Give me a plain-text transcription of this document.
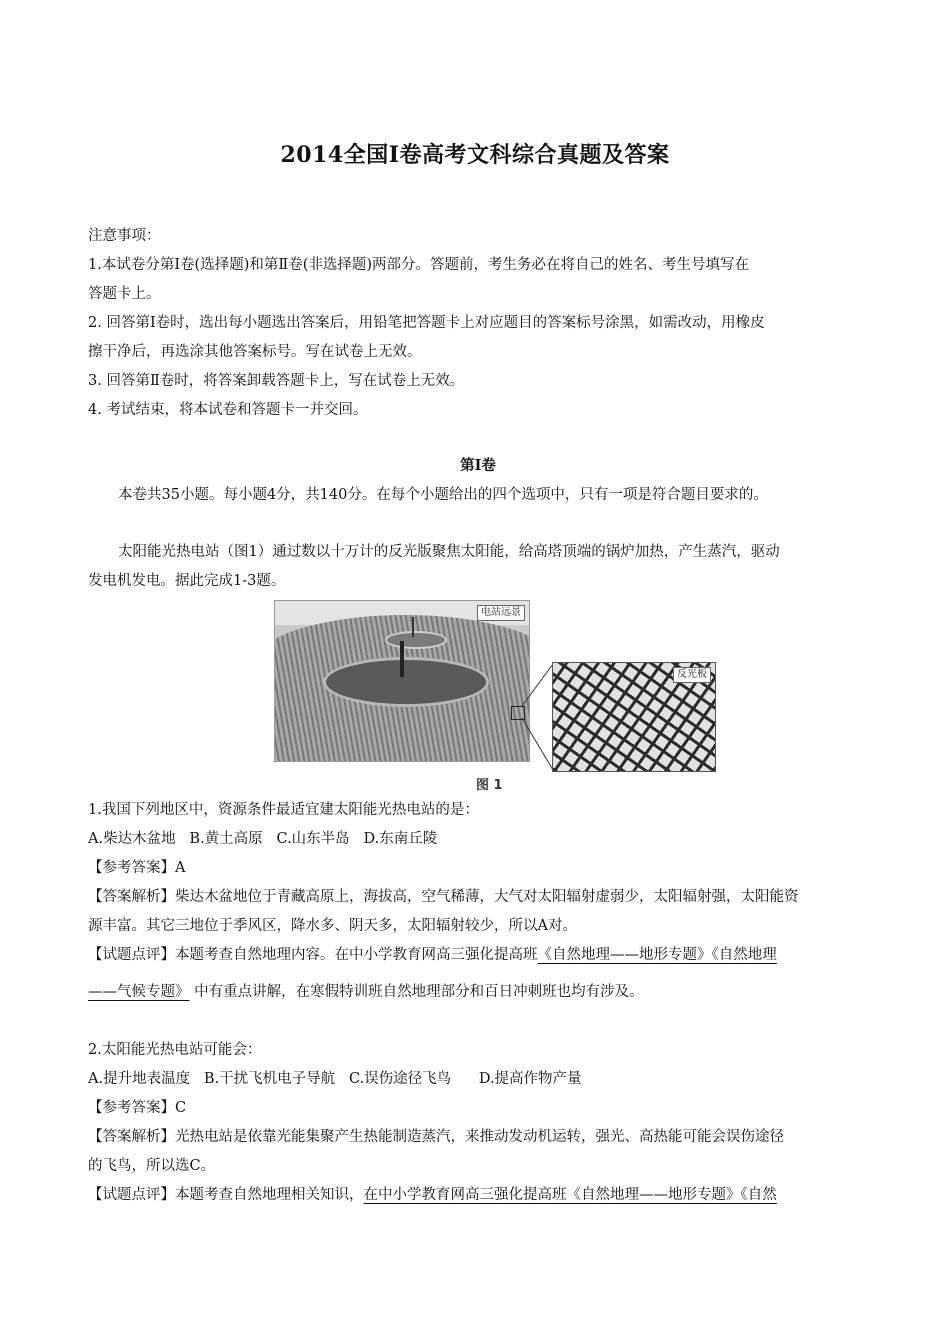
2014全国Ⅰ卷高考文科综合真题及答案
注意事项：
1.本试卷分第Ⅰ卷(选择题)和第Ⅱ卷(非选择题)两部分。答题前，考生务必在将自己的姓名、考生号填写在
答题卡上。
2. 回答第Ⅰ卷时，选出每小题选出答案后，用铅笔把答题卡上对应题目的答案标号涂黑，如需改动，用橡皮
擦干净后，再选涂其他答案标号。写在试卷上无效。
3. 回答第Ⅱ卷时，将答案卸载答题卡上，写在试卷上无效。
4. 考试结束，将本试卷和答题卡一并交回。
第Ⅰ卷
本卷共35小题。每小题4分，共140分。在每个小题给出的四个选项中，只有一项是符合题目要求的。
太阳能光热电站（图1）通过数以十万计的反光版聚焦太阳能，给高塔顶端的锅炉加热，产生蒸汽，驱动
发电机发电。据此完成1-3题。
电站远景
反光板
图 1
1.我国下列地区中，资源条件最适宜建太阳能光热电站的是：
A.柴达木盆地   B.黄土高原   C.山东半岛   D.东南丘陵
【参考答案】A
【答案解析】柴达木盆地位于青藏高原上，海拔高，空气稀薄，大气对太阳辐射虚弱少，太阳辐射强，太阳能资
源丰富。其它三地位于季风区，降水多、阴天多，太阳辐射较少，所以A对。
【试题点评】本题考查自然地理内容。在中小学教育网高三强化提高班《自然地理——地形专题》《自然地理
——气候专题》 中有重点讲解，在寒假特训班自然地理部分和百日冲刺班也均有涉及。
2.太阳能光热电站可能会：
A.提升地表温度   B.干扰飞机电子导航   C.误伤途径飞鸟      D.提高作物产量
【参考答案】C
【答案解析】光热电站是依靠光能集聚产生热能制造蒸汽，来推动发动机运转，强光、高热能可能会误伤途径
的飞鸟，所以选C。
【试题点评】本题考查自然地理相关知识，在中小学教育网高三强化提高班《自然地理——地形专题》《自然
